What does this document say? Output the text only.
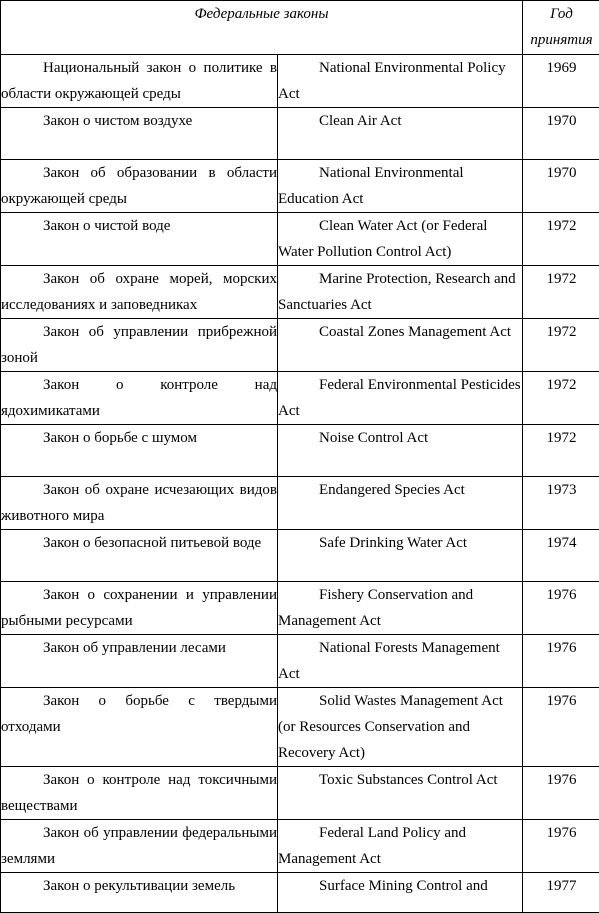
Федеральные законы		Год принятия
Национальный закон о политике в области окружающей среды	National Environmental Policy Act	1969
Закон о чистом воздухе	Clean Air Act	1970
Закон об образовании в области окружающей среды	National Environmental Education Act	1970
Закон о чистой воде	Clean Water Act (or Federal Water Pollution Control Act)	1972
Закон об охране морей, морских исследованиях и заповедниках	Marine Protection, Research and Sanctuaries Act	1972
Закон об управлении прибрежной зоной	Coastal Zones Management Act	1972
Закон о контроле над ядохимикатами	Federal Environmental Pesticides Act	1972
Закон о борьбе с шумом	Noise Control Act	1972
Закон об охране исчезающих видов животного мира	Endangered Species Act	1973
Закон о безопасной питьевой воде	Safe Drinking Water Act	1974
Закон о сохранении и управлении рыбными ресурсами	Fishery Conservation and Management Act	1976
Закон об управлении лесами	National Forests Management Act	1976
Закон о борьбе с твердыми отходами	Solid Wastes Management Act (or Resources Conservation and Recovery Act)	1976
Закон о контроле над токсичными веществами	Toxic Substances Control Act	1976
Закон об управлении федеральными землями	Federal Land Policy and Management Act	1976
Закон о рекультивации земель	Surface Mining Control and	1977
